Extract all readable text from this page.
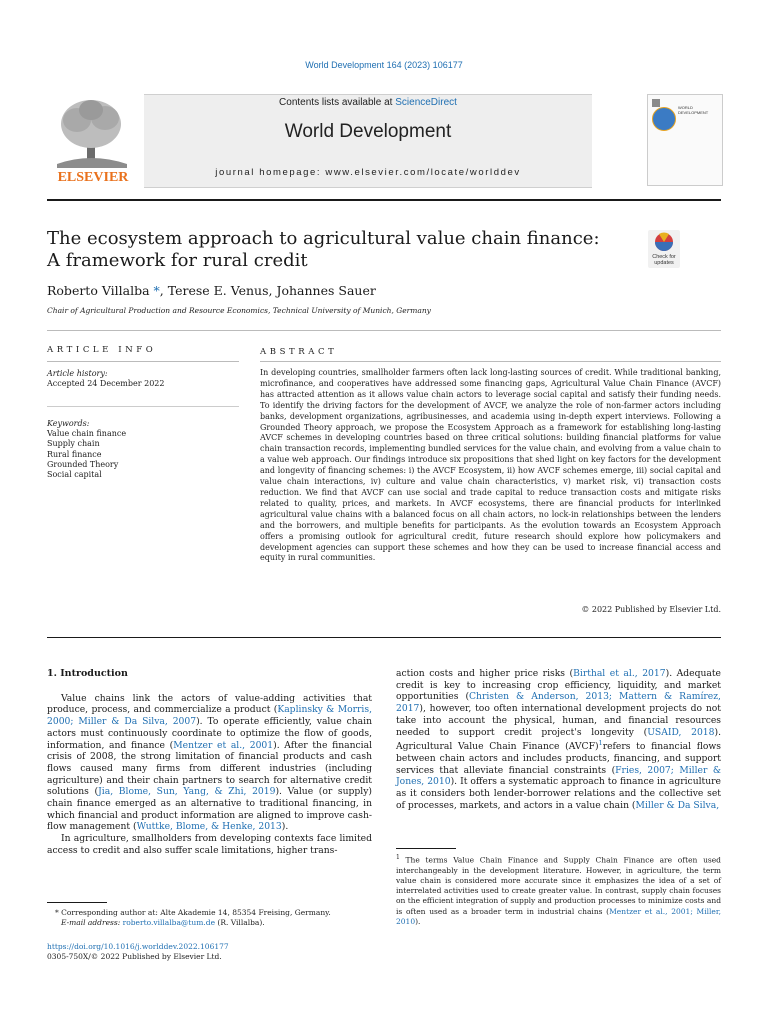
World Development 164 (2023) 106177
ELSEVIER
Contents lists available at ScienceDirect
World Development
journal homepage: www.elsevier.com/locate/worlddev
WORLD DEVELOPMENT
The ecosystem approach to agricultural value chain finance: A framework for rural credit	Check for
updates
Roberto Villalba *, Terese E. Venus, Johannes Sauer
Chair of Agricultural Production and Resource Economics, Technical University of Munich, Germany
ARTICLE INFO	ABSTRACT
Article history:
Accepted 24 December 2022
Keywords:
Value chain finance
Supply chain
Rural finance
Grounded Theory
Social capital
In developing countries, smallholder farmers often lack long-lasting sources of credit. While traditional banking, microfinance, and cooperatives have addressed some financing gaps, Agricultural Value Chain Finance (AVCF) has attracted attention as it allows value chain actors to leverage social capital and satisfy their funding needs. To identify the driving factors for the development of AVCF, we analyze the role of non-farmer actors including banks, development organizations, agribusinesses, and academia using in-depth expert interviews. Following a Grounded Theory approach, we propose the Ecosystem Approach as a framework for establishing long-lasting AVCF schemes in developing countries based on three critical solutions: building financial platforms for value chain transaction records, implementing bundled services for the value chain, and evolving from a value chain to a value web approach. Our findings introduce six propositions that shed light on key factors for the development and longevity of financing schemes: i) the AVCF Ecosystem, ii) how AVCF schemes emerge, iii) social capital and value chain interactions, iv) culture and value chain characteristics, v) market risk, vi) transaction costs reduction. We find that AVCF can use social and trade capital to reduce transaction costs and mitigate risks related to quality, prices, and markets. In AVCF ecosystems, there are financial products for interlinked agricultural value chains with a balanced focus on all chain actors, no lock-in relationships between the lenders and the borrowers, and multiple benefits for participants. As the evolution towards an Ecosystem Approach offers a promising outlook for agricultural credit, future research should explore how policymakers and development agencies can support these schemes and how they can be used to increase financial access and equity in rural communities.
© 2022 Published by Elsevier Ltd.
1. Introduction

Value chains link the actors of value-adding activities that produce, process, and commercialize a product (Kaplinsky & Morris, 2000; Miller & Da Silva, 2007). To operate efficiently, value chain actors must continuously coordinate to optimize the flow of goods, information, and finance (Mentzer et al., 2001). After the financial crisis of 2008, the strong limitation of financial products and cash flows caused many firms from different industries (including agriculture) and their chain partners to search for alternative credit solutions (Jia, Blome, Sun, Yang, & Zhi, 2019). Value (or supply) chain finance emerged as an alternative to traditional financing, in which financial and product information are aligned to improve cash-flow management (Wuttke, Blome, & Henke, 2013).

In agriculture, smallholders from developing contexts face limited access to credit and also suffer scale limitations, higher trans-

action costs and higher price risks (Birthal et al., 2017). Adequate credit is key to increasing crop efficiency, liquidity, and market opportunities (Christen & Anderson, 2013; Mattern & Ramírez, 2017), however, too often international development projects do not take into account the physical, human, and financial resources needed to support credit project's longevity (USAID, 2018). Agricultural Value Chain Finance (AVCF)$^1$refers to financial flows between chain actors and includes products, financing, and support services that alleviate financial constraints (Fries, 2007; Miller & Jones, 2010). It offers a systematic approach to finance in agriculture as it considers both lender-borrower relations and the collective set of processes, markets, and actors in a value chain (Miller & Da Silva,

$^1$ The terms Value Chain Finance and Supply Chain Finance are often used interchangeably in the development literature. However, in agriculture, the term value chain is considered more accurate since it emphasizes the idea of a set of interrelated activities used to create greater value. In contrast, supply chain focuses on the efficient integration of supply and production processes to minimize costs and is often used as a broader term in industrial chains (Mentzer et al., 2001; Miller, 2010).
* Corresponding author at: Alte Akademie 14, 85354 Freising, Germany.
E-mail address: roberto.villalba@tum.de (R. Villalba).
https://doi.org/10.1016/j.worlddev.2022.106177
0305-750X/© 2022 Published by Elsevier Ltd.
